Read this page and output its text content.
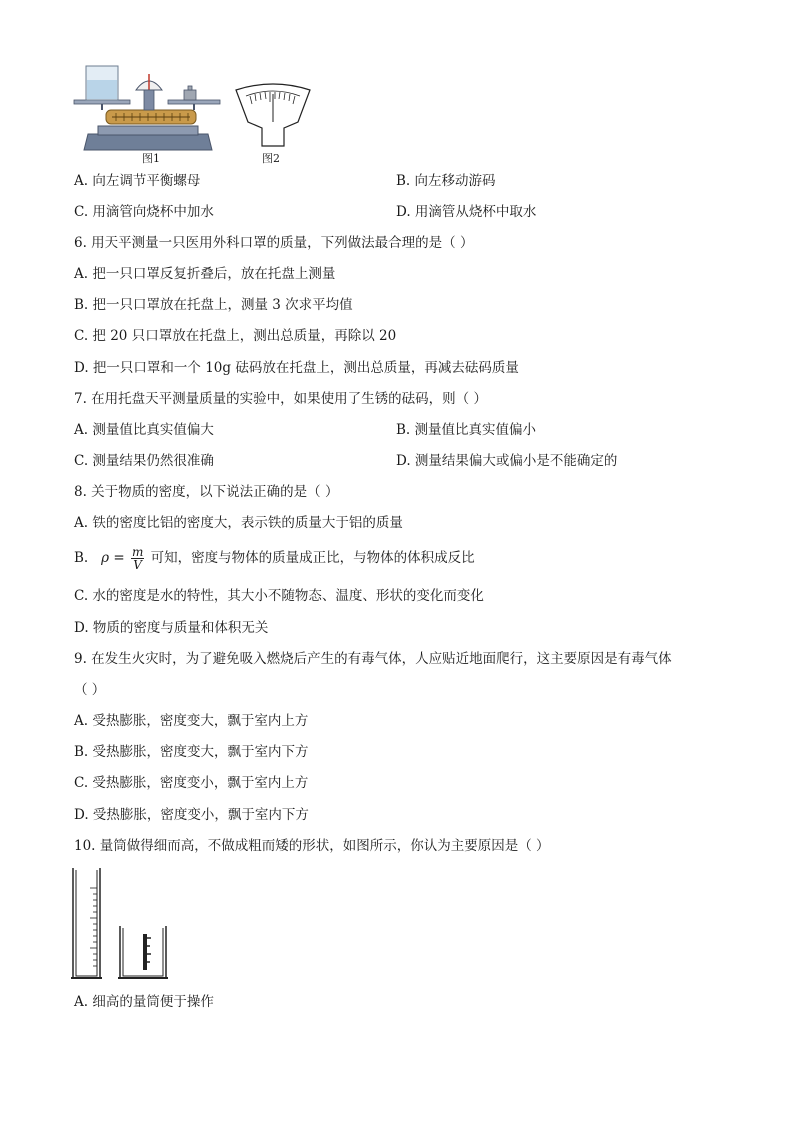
图1	图2
A. 向左调节平衡螺母	B. 向左移动游码
C. 用滴管向烧杯中加水	D. 用滴管从烧杯中取水
6. 用天平测量一只医用外科口罩的质量，下列做法最合理的是（ ）
A. 把一只口罩反复折叠后，放在托盘上测量
B. 把一只口罩放在托盘上，测量 3 次求平均值
C. 把 20 只口罩放在托盘上，测出总质量，再除以 20
D. 把一只口罩和一个 10g 砝码放在托盘上，测出总质量，再减去砝码质量
7. 在用托盘天平测量质量的实验中，如果使用了生锈的砝码，则（ ）
A. 测量值比真实值偏大	B. 测量值比真实值偏小
C. 测量结果仍然很准确	D. 测量结果偏大或偏小是不能确定的
8. 关于物质的密度，以下说法正确的是（ ）
A. 铁的密度比铝的密度大，表示铁的质量大于铝的质量
B. $\rho = \frac{m}{V}$ 可知，密度与物体的质量成正比，与物体的体积成反比
C. 水的密度是水的特性，其大小不随物态、温度、形状的变化而变化
D. 物质的密度与质量和体积无关
9. 在发生火灾时，为了避免吸入燃烧后产生的有毒气体，人应贴近地面爬行，这主要原因是有毒气体
（ ）
A. 受热膨胀，密度变大，飘于室内上方
B. 受热膨胀，密度变大，飘于室内下方
C. 受热膨胀，密度变小，飘于室内上方
D. 受热膨胀，密度变小，飘于室内下方
10. 量筒做得细而高，不做成粗而矮的形状，如图所示，你认为主要原因是（ ）
A. 细高的量筒便于操作
